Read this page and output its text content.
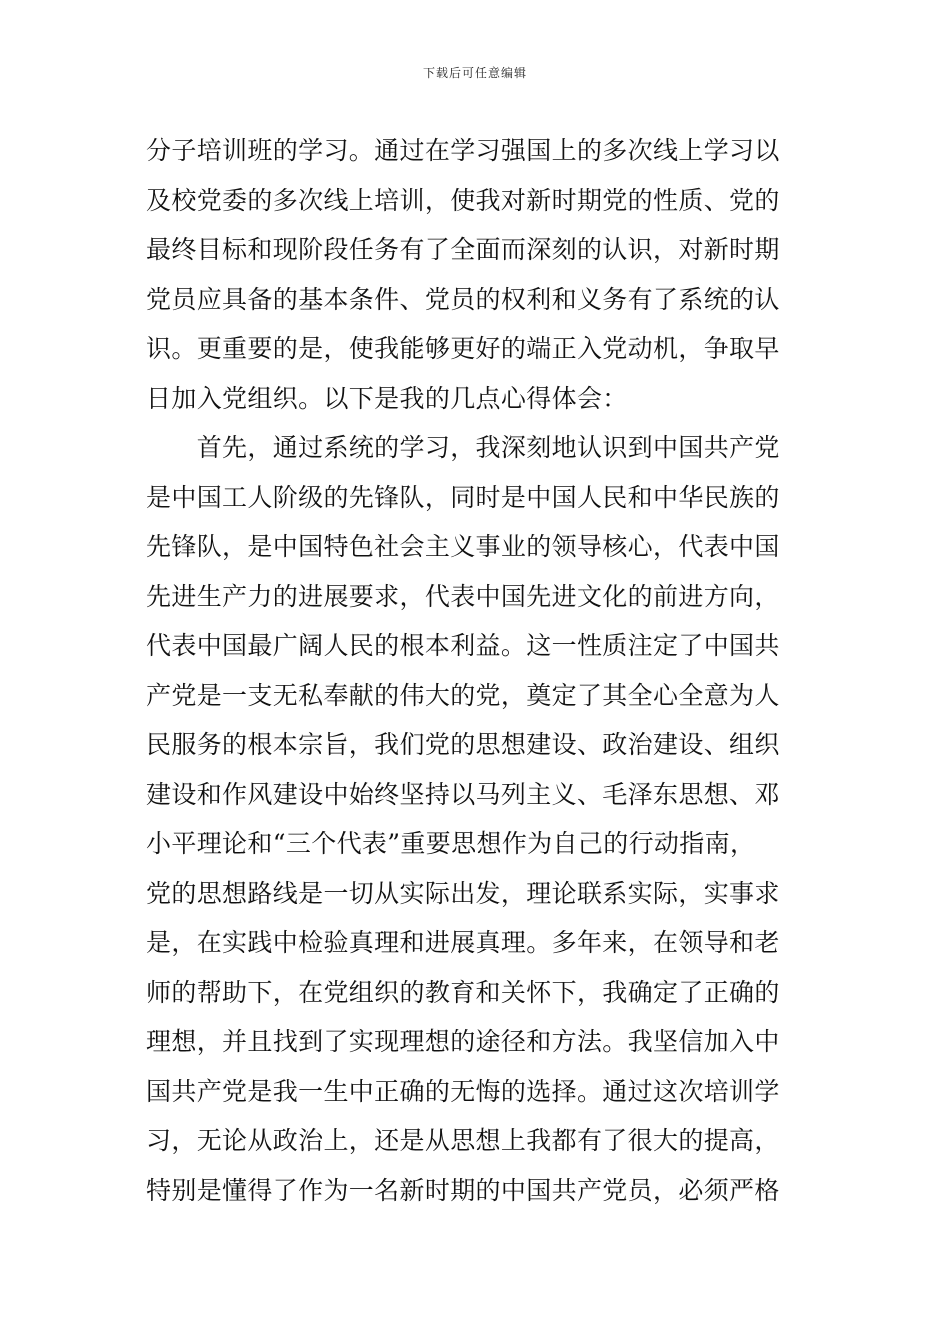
下载后可任意编辑
分子培训班的学习。通过在学习强国上的多次线上学习以
及校党委的多次线上培训，使我对新时期党的性质、党的
最终目标和现阶段任务有了全面而深刻的认识，对新时期
党员应具备的基本条件、党员的权利和义务有了系统的认
识。更重要的是，使我能够更好的端正入党动机，争取早
日加入党组织。以下是我的几点心得体会：
　　首先，通过系统的学习，我深刻地认识到中国共产党
是中国工人阶级的先锋队，同时是中国人民和中华民族的
先锋队，是中国特色社会主义事业的领导核心，代表中国
先进生产力的进展要求，代表中国先进文化的前进方向，
代表中国最广阔人民的根本利益。这一性质注定了中国共
产党是一支无私奉献的伟大的党，奠定了其全心全意为人
民服务的根本宗旨，我们党的思想建设、政治建设、组织
建设和作风建设中始终坚持以马列主义、毛泽东思想、邓
小平理论和“三个代表”重要思想作为自己的行动指南，
党的思想路线是一切从实际出发，理论联系实际，实事求
是，在实践中检验真理和进展真理。多年来，在领导和老
师的帮助下，在党组织的教育和关怀下，我确定了正确的
理想，并且找到了实现理想的途径和方法。我坚信加入中
国共产党是我一生中正确的无悔的选择。通过这次培训学
习，无论从政治上，还是从思想上我都有了很大的提高，
特别是懂得了作为一名新时期的中国共产党员，必须严格
